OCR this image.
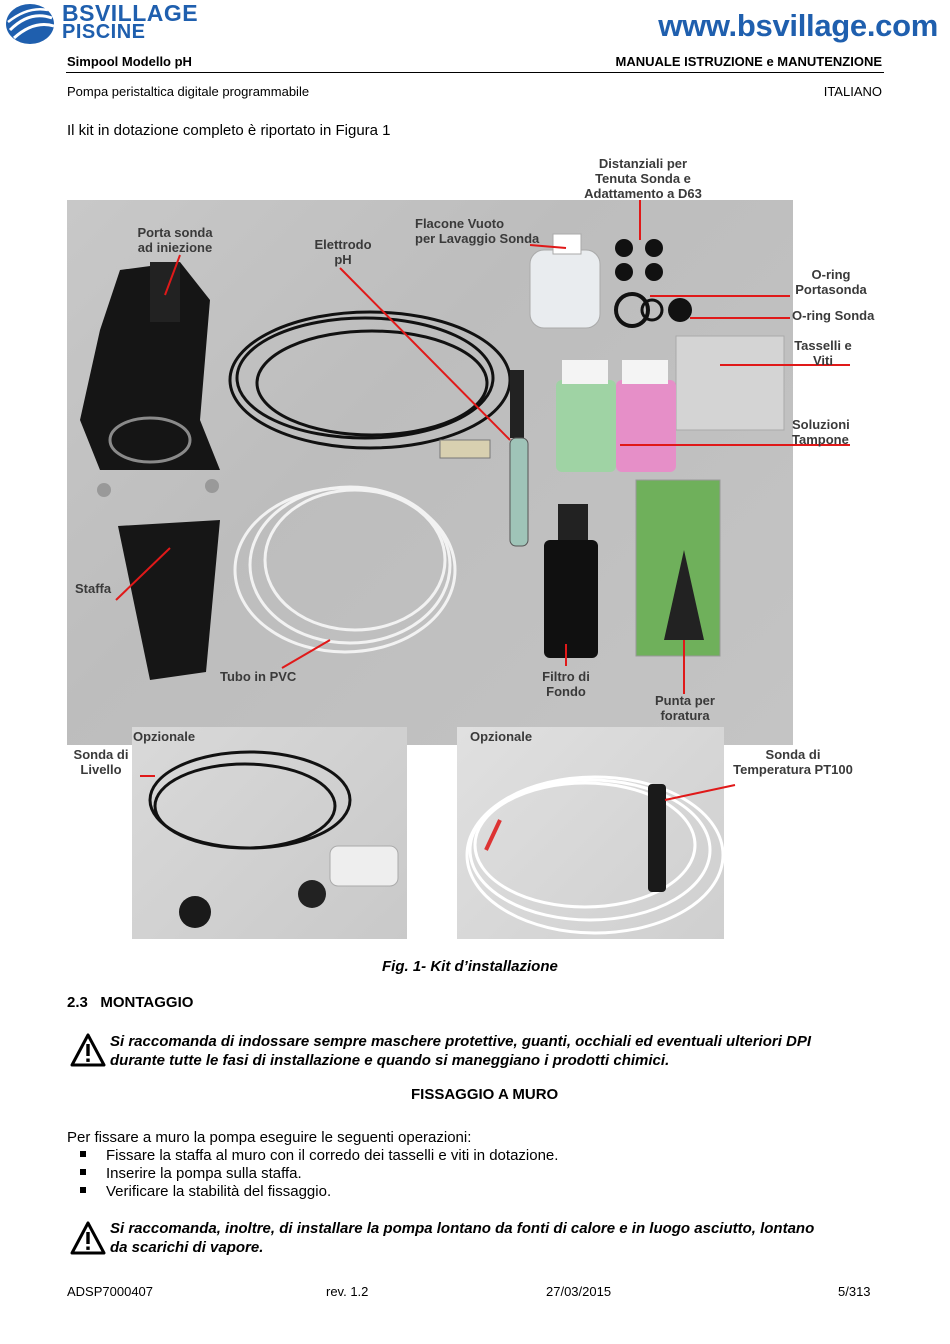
BSVILLAGE
PISCINE	www.bsvillage.com
Simpool Modello pH	MANUALE ISTRUZIONE e MANUTENZIONE
Pompa peristaltica digitale programmabile	ITALIANO
Il kit in dotazione completo è riportato in Figura 1
Distanziali per
Tenuta Sonda e
Adattamento a D63
Porta sonda
ad iniezione	Elettrodo
pH
Flacone Vuoto
per Lavaggio Sonda
O-ring
Portasonda
O-ring Sonda
Tasselli e
Viti
Soluzioni
Tampone
Staffa
Tubo in PVC	Filtro di
Fondo
Punta per
foratura
Opzionale	Opzionale
Sonda di
Livello
Sonda di
Temperatura PT100
Fig. 1- Kit d’installazione
2.3 MONTAGGIO
Si raccomanda di indossare sempre maschere protettive, guanti, occhiali ed eventuali ulteriori DPI
durante tutte le fasi di installazione e quando si maneggiano i prodotti chimici.
FISSAGGIO A MURO
Per fissare a muro la pompa eseguire le seguenti operazioni:
Fissare la staffa al muro con il corredo dei tasselli e viti in dotazione.
Inserire la pompa sulla staffa.
Verificare la stabilità del fissaggio.
Si raccomanda, inoltre, di installare la pompa lontano da fonti di calore e in luogo asciutto, lontano
da scarichi di vapore.
ADSP7000407	rev. 1.2	27/03/2015	5/313
